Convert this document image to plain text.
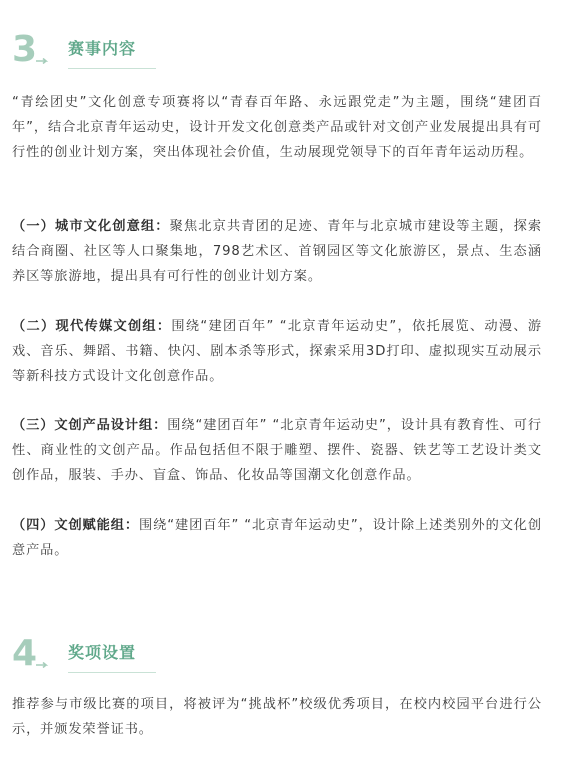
3 赛事内容

“青绘团史”文化创意专项赛将以“青春百年路、永远跟党走”为主题，围绕“建团百年”，结合北京青年运动史，设计开发文化创意类产品或针对文创产业发展提出具有可行性的创业计划方案，突出体现社会价值，生动展现党领导下的百年青年运动历程。

（一）城市文化创意组：聚焦北京共青团的足迹、青年与北京城市建设等主题，探索结合商圈、社区等人口聚集地，798艺术区、首钢园区等文化旅游区，景点、生态涵养区等旅游地，提出具有可行性的创业计划方案。

（二）现代传媒文创组：围绕“建团百年” “北京青年运动史”，依托展览、动漫、游戏、音乐、舞蹈、书籍、快闪、剧本杀等形式，探索采用3D打印、虚拟现实互动展示等新科技方式设计文化创意作品。

（三）文创产品设计组：围绕“建团百年” “北京青年运动史”，设计具有教育性、可行性、商业性的文创产品。作品包括但不限于雕塑、摆件、瓷器、铁艺等工艺设计类文创作品，服装、手办、盲盒、饰品、化妆品等国潮文化创意作品。

（四）文创赋能组：围绕“建团百年” “北京青年运动史”，设计除上述类别外的文化创意产品。

4 奖项设置

推荐参与市级比赛的项目，将被评为“挑战杯”校级优秀项目，在校内校园平台进行公示，并颁发荣誉证书。
